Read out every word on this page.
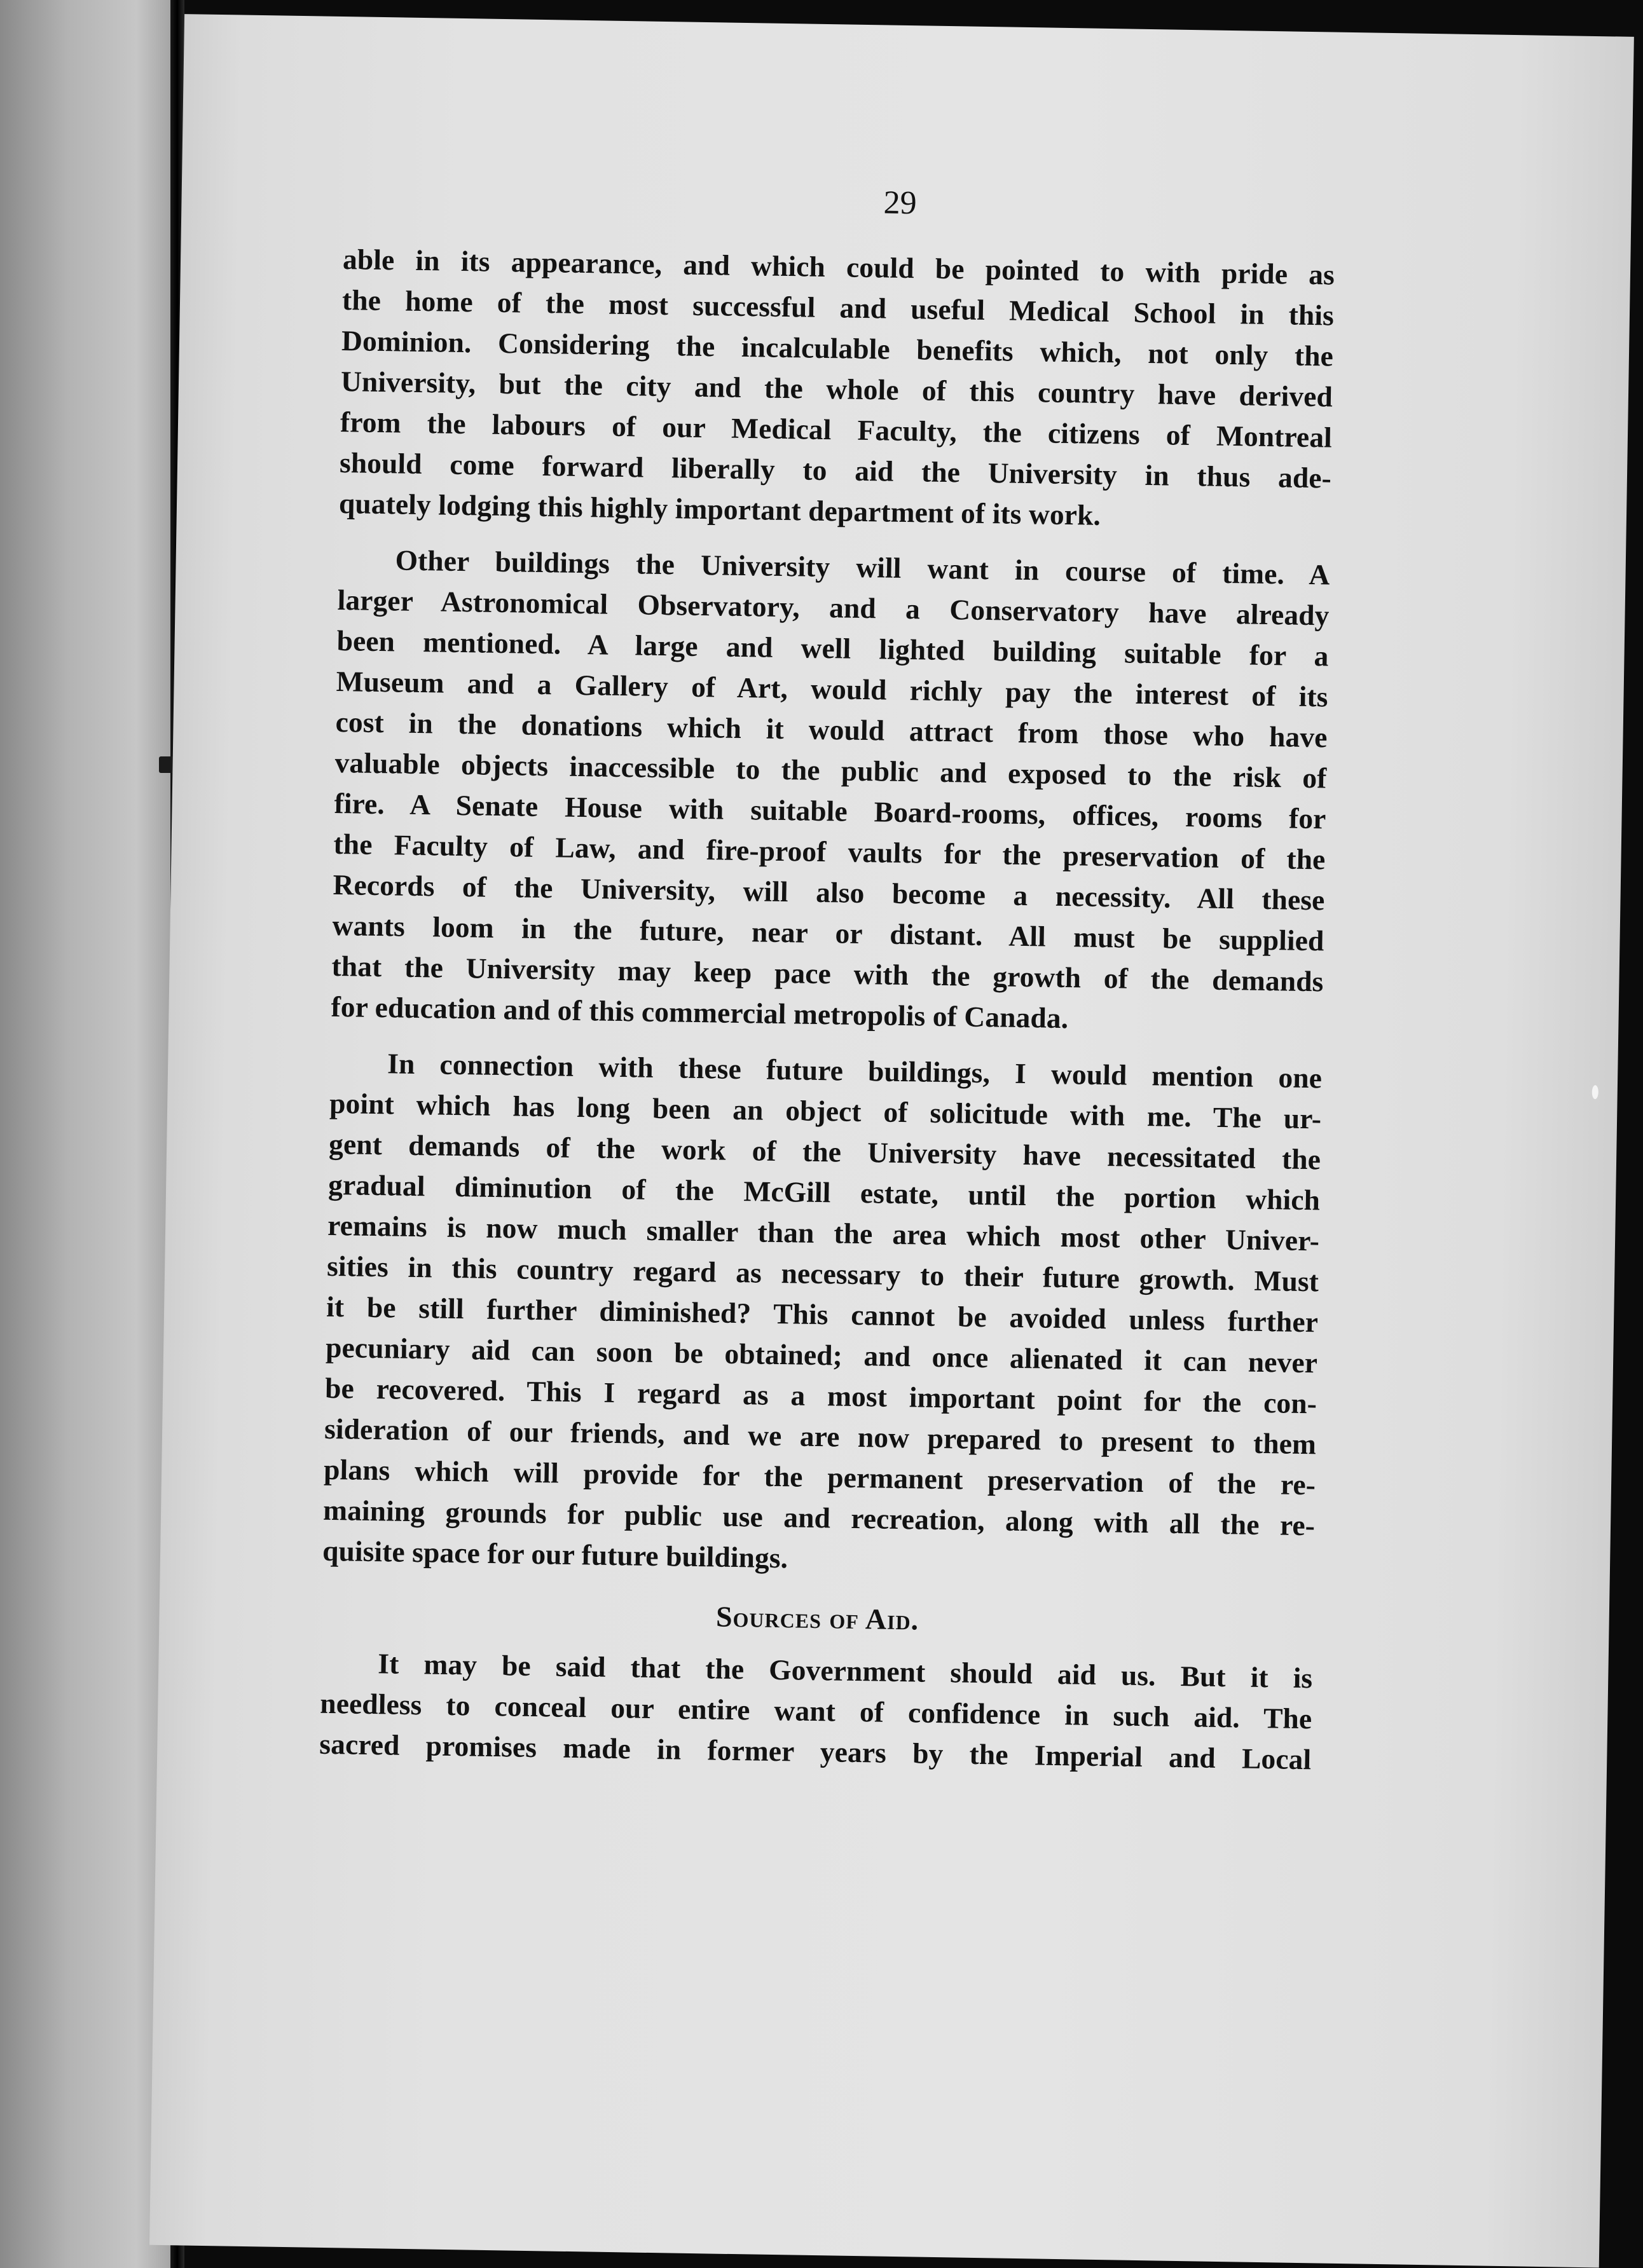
29

able in its appearance, and which could be pointed to with pride as
the home of the most successful and useful Medical School in this
Dominion. Considering the incalculable benefits which, not only the
University, but the city and the whole of this country have derived
from the labours of our Medical Faculty, the citizens of Montreal
should come forward liberally to aid the University in thus ade-
quately lodging this highly important department of its work.

Other buildings the University will want in course of time. A
larger Astronomical Observatory, and a Conservatory have already
been mentioned. A large and well lighted building suitable for a
Museum and a Gallery of Art, would richly pay the interest of its
cost in the donations which it would attract from those who have
valuable objects inaccessible to the public and exposed to the risk of
fire. A Senate House with suitable Board-rooms, offices, rooms for
the Faculty of Law, and fire-proof vaults for the preservation of the
Records of the University, will also become a necessity. All these
wants loom in the future, near or distant. All must be supplied
that the University may keep pace with the growth of the demands
for education and of this commercial metropolis of Canada.

In connection with these future buildings, I would mention one
point which has long been an object of solicitude with me. The ur-
gent demands of the work of the University have necessitated the
gradual diminution of the McGill estate, until the portion which
remains is now much smaller than the area which most other Univer-
sities in this country regard as necessary to their future growth. Must
it be still further diminished? This cannot be avoided unless further
pecuniary aid can soon be obtained; and once alienated it can never
be recovered. This I regard as a most important point for the con-
sideration of our friends, and we are now prepared to present to them
plans which will provide for the permanent preservation of the re-
maining grounds for public use and recreation, along with all the re-
quisite space for our future buildings.

Sources of Aid.

It may be said that the Government should aid us. But it is
needless to conceal our entire want of confidence in such aid. The
sacred promises made in former years by the Imperial and Local
